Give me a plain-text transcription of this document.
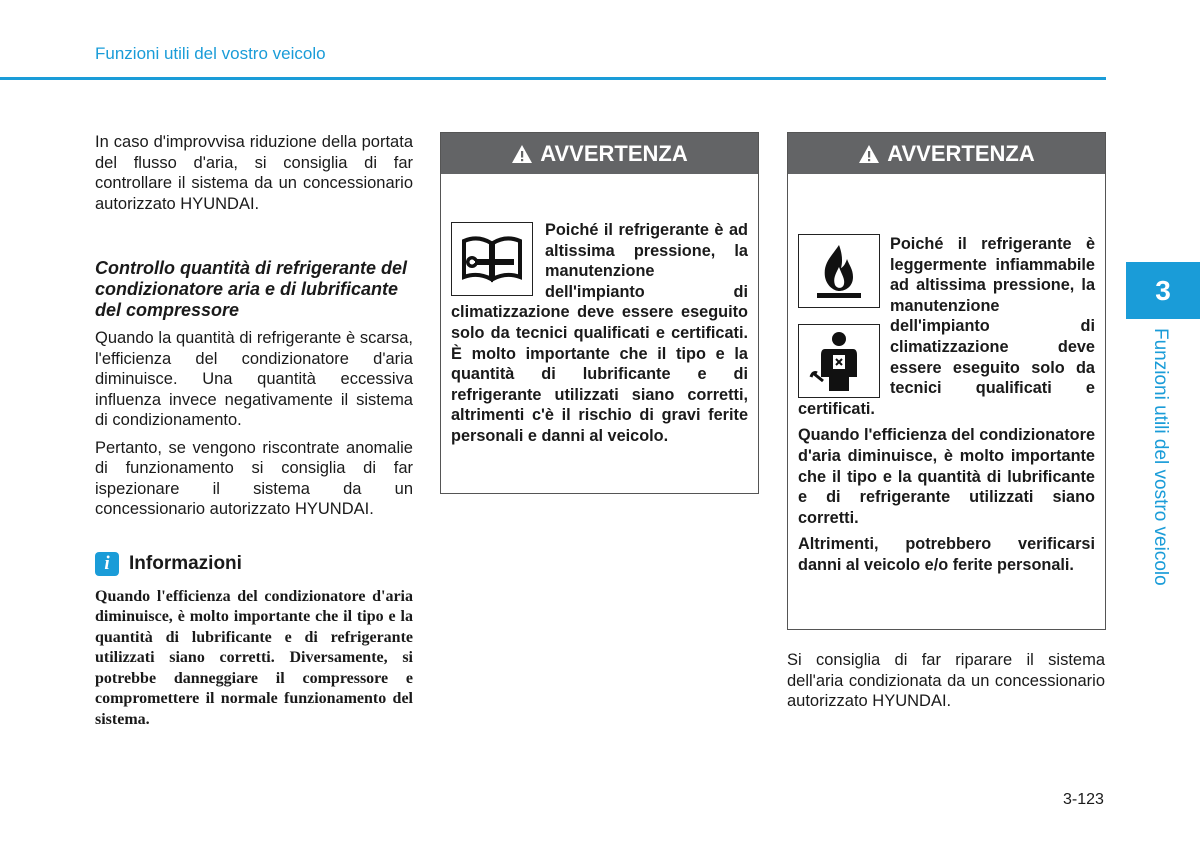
Funzioni utili del vostro veicolo

In caso d'improvvisa riduzione della portata del flusso d'aria, si consiglia di far controllare il sistema da un concessionario autorizzato HYUNDAI.

Controllo quantità di refrigerante del condizionatore aria e di lubrificante del compressore

Quando la quantità di refrigerante è scarsa, l'efficienza del condizionatore d'aria diminuisce. Una quantità eccessiva influenza invece negativamente il sistema di condizionamento.

Pertanto, se vengono riscontrate anomalie di funzionamento si consiglia di far ispezionare il sistema da un concessionario autorizzato HYUNDAI.

i	Informazioni
Quando l'efficienza del condizionatore d'aria diminuisce, è molto importante che il tipo e la quantità di lubrificante e di refrigerante utilizzati siano corretti. Diversamente, si potrebbe danneggiare il compressore e compromettere il normale funzionamento del sistema.
AVVERTENZA
Poiché il refrigerante è ad altissima pressione, la manutenzione dell'impianto di climatizzazione deve essere eseguito solo da tecnici qualificati e certificati. È molto importante che il tipo e la quantità di lubrificante e di refrigerante utilizzati siano corretti, altrimenti c'è il rischio di gravi ferite personali e danni al veicolo.
AVVERTENZA
Poiché il refrigerante è leggermente infiammabile ad altissima pressione, la manutenzione dell'impianto di climatizzazione deve essere eseguito solo da tecnici qualificati e certificati.
Quando l'efficienza del condizionatore d'aria diminuisce, è molto importante che il tipo e la quantità di lubrificante e di refrigerante utilizzati siano corretti.
Altrimenti, potrebbero verificarsi danni al veicolo e/o ferite personali.

Si consiglia di far riparare il sistema dell'aria condizionata da un concessionario autorizzato HYUNDAI.

3
Funzioni utili del vostro veicolo
3-123
